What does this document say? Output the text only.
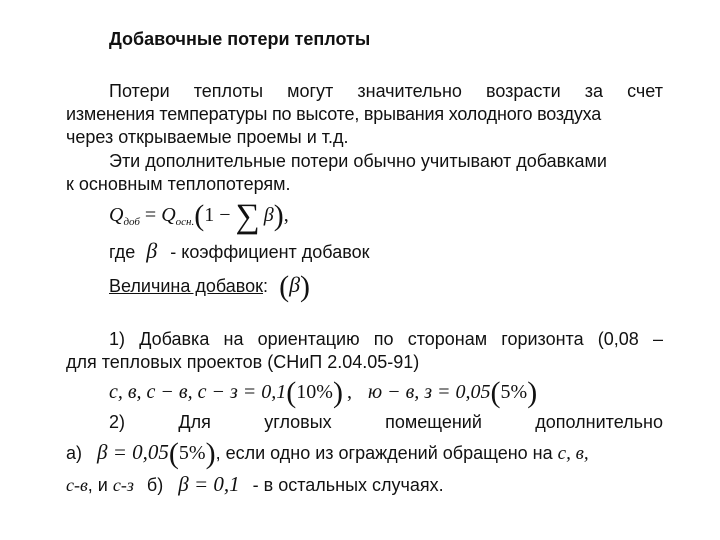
Добавочные потери теплоты
Потери теплоты могут значительно возрасти за счет
изменения температуры по высоте, врывания холодного воздуха
через открываемые проемы и т.д.
Эти дополнительные потери обычно учитывают добавками
к основным теплопотерям.
$Q_{доб} = Q_{осн.}(1$ − ∑ β),
где β - коэффициент добавок
Величина добавок: (β)
1) Добавка на ориентацию по сторонам горизонта (0,08 –
для тепловых проектов (СНиП 2.04.05-91)
с, в, с − в, с − з = 0,1(10%) , ю − в, з = 0,05(5%)
2)	Для	угловых	помещений	дополнительно
а) β = 0,05(5%), если одно из ограждений обращено на с, в,
с-в, и с-з б) β = 0,1 - в остальных случаях.
